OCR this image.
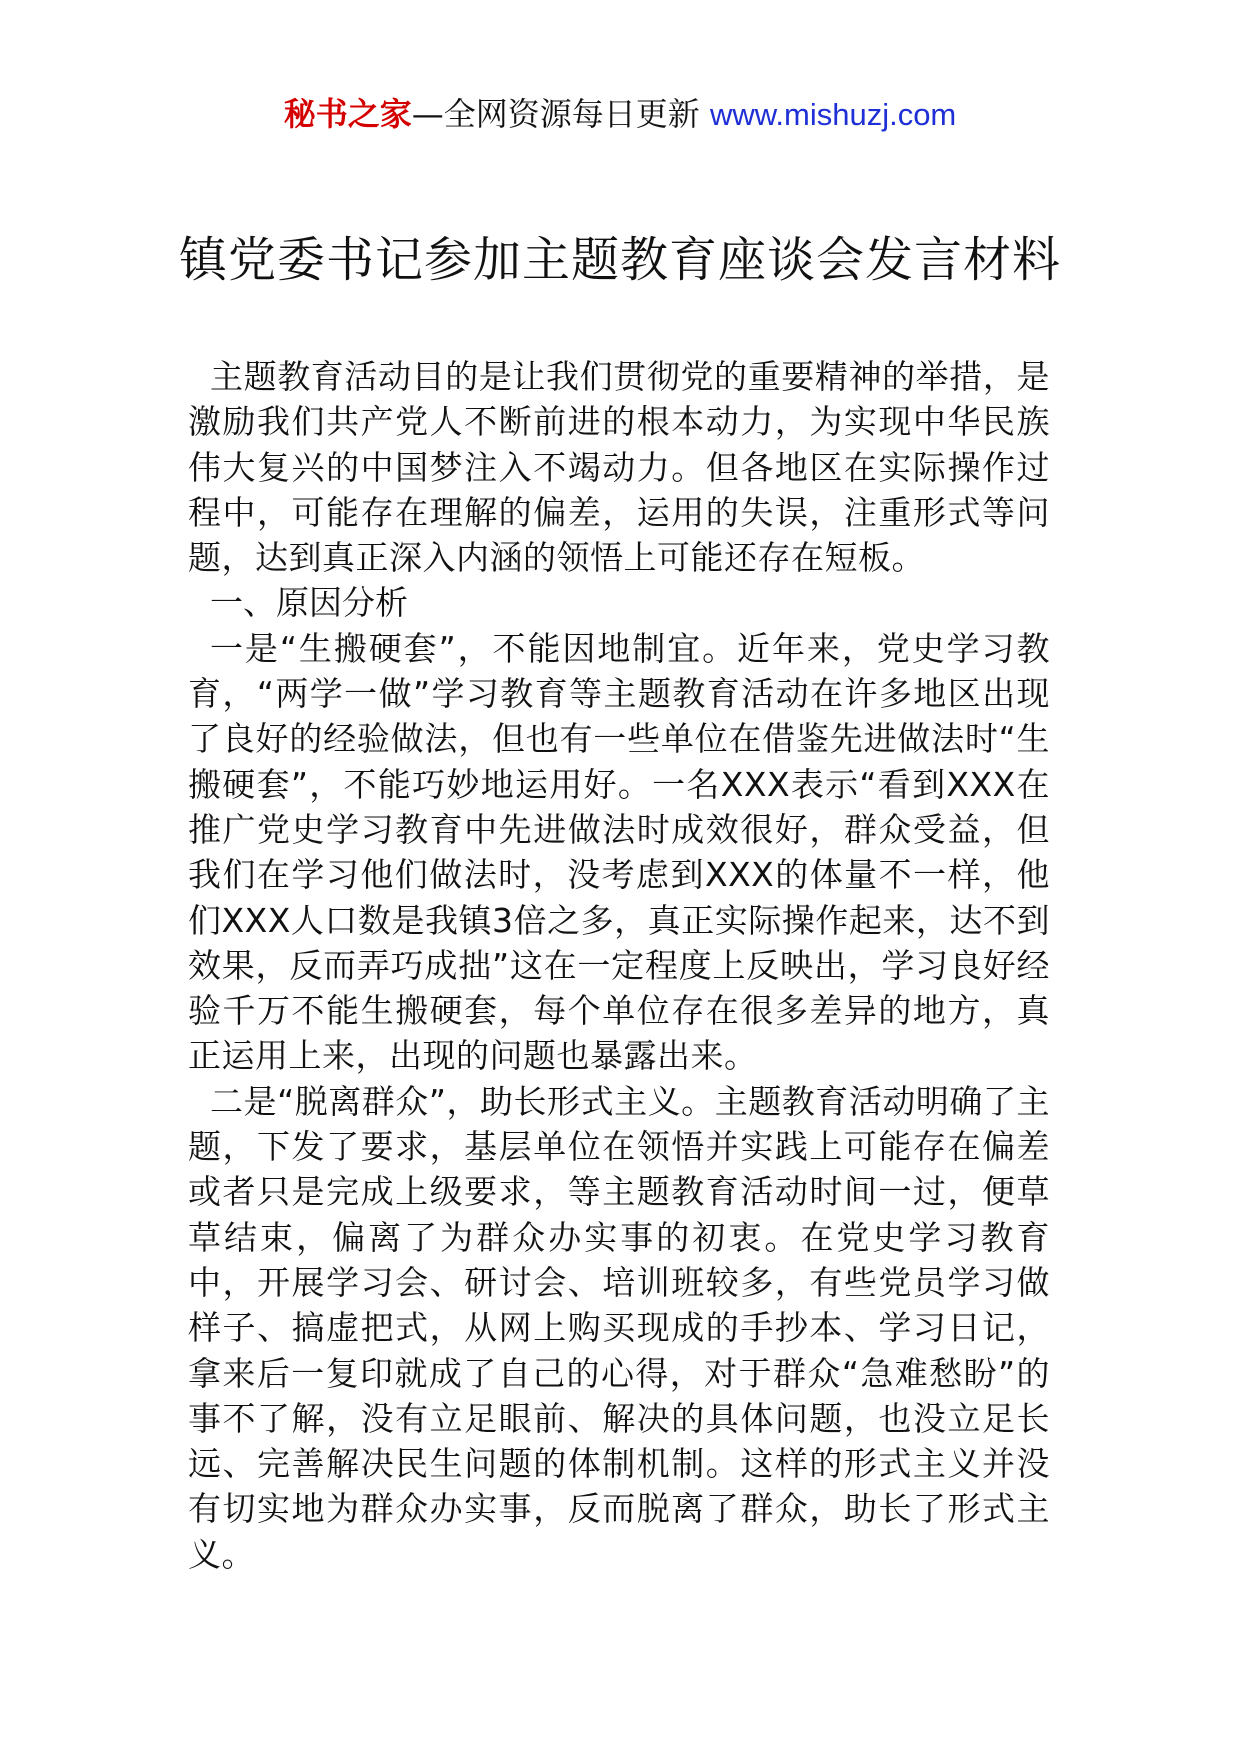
秘书之家—全网资源每日更新 www.mishuzj.com
镇党委书记参加主题教育座谈会发言材料

主题教育活动目的是让我们贯彻党的重要精神的举措，是激励我们共产党人不断前进的根本动力，为实现中华民族伟大复兴的中国梦注入不竭动力。但各地区在实际操作过程中，可能存在理解的偏差，运用的失误，注重形式等问题，达到真正深入内涵的领悟上可能还存在短板。

一、原因分析

一是“生搬硬套”，不能因地制宜。近年来，党史学习教育，“两学一做”学习教育等主题教育活动在许多地区出现了良好的经验做法，但也有一些单位在借鉴先进做法时“生搬硬套”，不能巧妙地运用好。一名XXX表示“看到XXX在推广党史学习教育中先进做法时成效很好，群众受益，但我们在学习他们做法时，没考虑到XXX的体量不一样，他们XXX人口数是我镇3倍之多，真正实际操作起来，达不到效果，反而弄巧成拙”这在一定程度上反映出，学习良好经验千万不能生搬硬套，每个单位存在很多差异的地方，真正运用上来，出现的问题也暴露出来。

二是“脱离群众”，助长形式主义。主题教育活动明确了主题，下发了要求，基层单位在领悟并实践上可能存在偏差或者只是完成上级要求，等主题教育活动时间一过，便草草结束，偏离了为群众办实事的初衷。在党史学习教育中，开展学习会、研讨会、培训班较多，有些党员学习做样子、搞虚把式，从网上购买现成的手抄本、学习日记，拿来后一复印就成了自己的心得，对于群众“急难愁盼”的事不了解，没有立足眼前、解决的具体问题，也没立足长远、完善解决民生问题的体制机制。这样的形式主义并没有切实地为群众办实事，反而脱离了群众，助长了形式主义。
